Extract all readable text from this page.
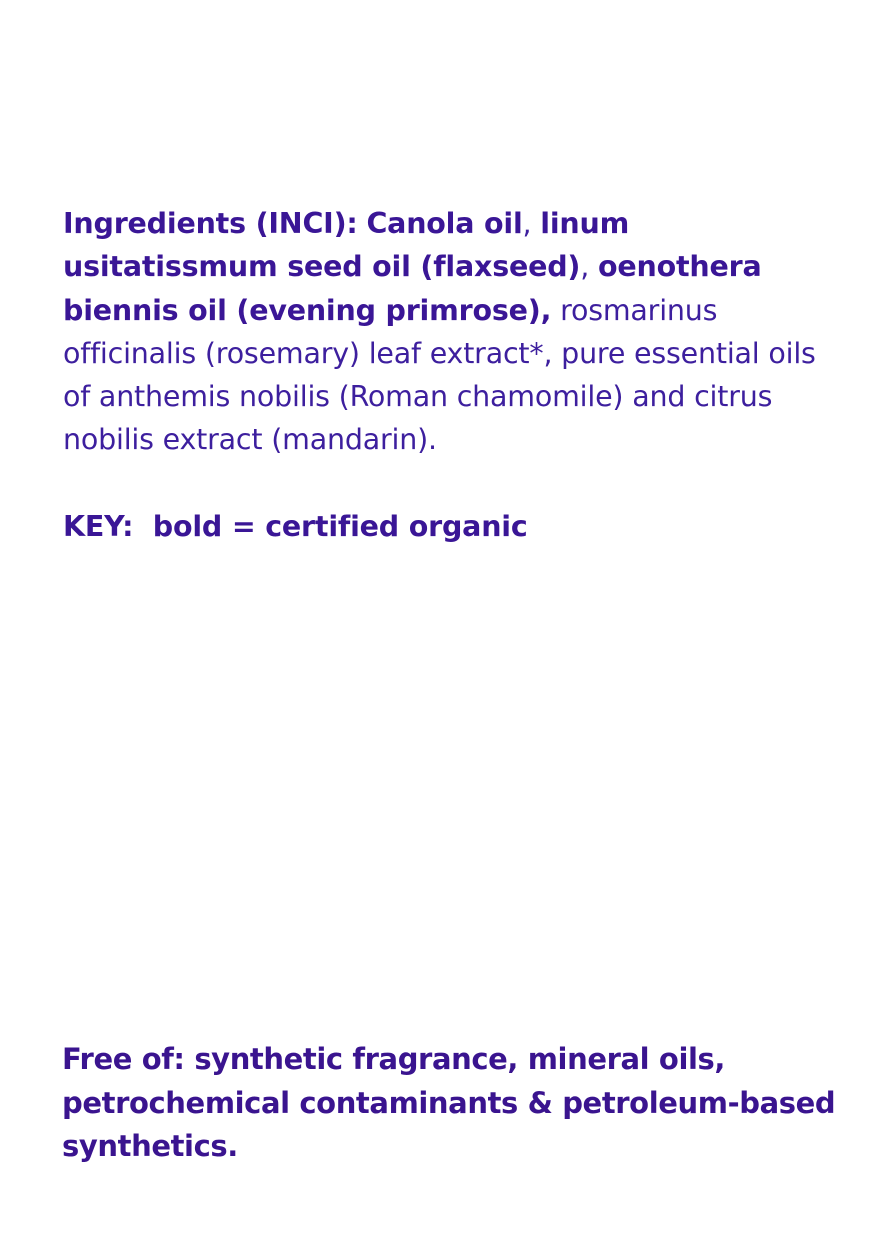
Ingredients (INCI): Canola oil, linum usitatissmum seed oil (flaxseed), oenothera biennis oil (evening primrose), rosmarinus officinalis (rosemary) leaf extract*, pure essential oils of anthemis nobilis (Roman chamomile) and citrus nobilis extract (mandarin).

KEY:  bold = certified organic

Free of: synthetic fragrance, mineral oils, petrochemical contaminants & petroleum-based synthetics.
